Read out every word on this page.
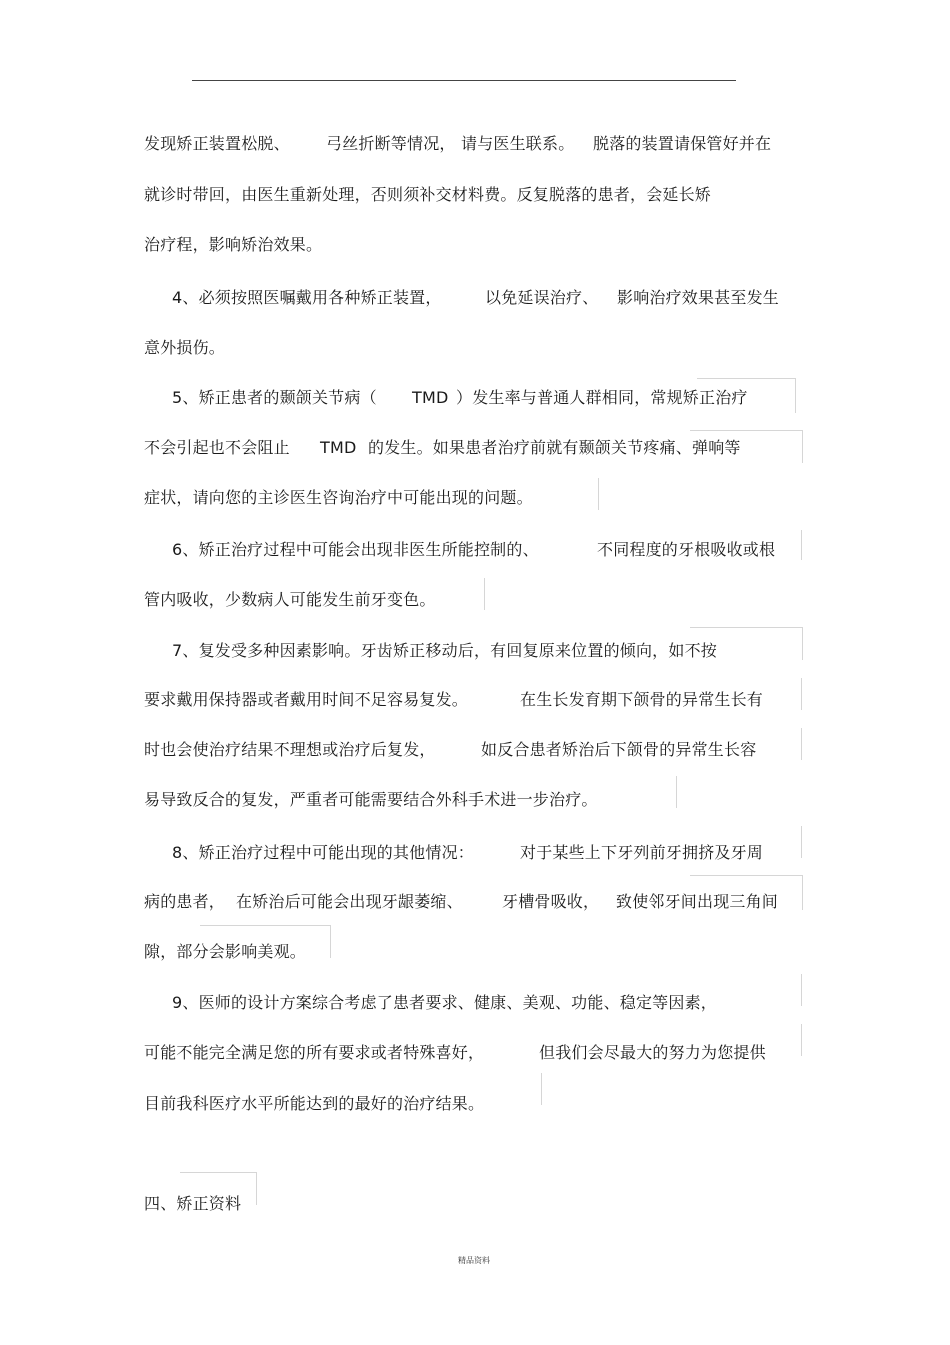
发现矫正装置松脱、

弓丝折断等情况，

请与医生联系。

脱落的装置请保管好并在

就诊时带回，由医生重新处理，否则须补交材料费。反复脱落的患者，会延长矫

治疗程，影响矫治效果。

4、必须按照医嘱戴用各种矫正装置，

	以免延误治疗、

影响治疗效果甚至发生

意外损伤。

5、矫正患者的颞颌关节病（

TMD

）发生率与普通人群相同，常规矫正治疗

不会引起也不会阻止

TMD

的发生。如果患者治疗前就有颞颌关节疼痛、弹响等

症状，请向您的主诊医生咨询治疗中可能出现的问题。

6、矫正治疗过程中可能会出现非医生所能控制的、

	不同程度的牙根吸收或根

管内吸收，少数病人可能发生前牙变色。

7、复发受多种因素影响。牙齿矫正移动后，有回复原来位置的倾向，如不按

要求戴用保持器或者戴用时间不足容易复发。

	在生长发育期下颌骨的异常生长有

时也会使治疗结果不理想或治疗后复发，

	如反合患者矫治后下颌骨的异常生长容

易导致反合的复发，严重者可能需要结合外科手术进一步治疗。

8、矫正治疗过程中可能出现的其他情况：

	对于某些上下牙列前牙拥挤及牙周

病的患者，

在矫治后可能会出现牙龈萎缩、

牙槽骨吸收，

致使邻牙间出现三角间

隙，部分会影响美观。

9、医师的设计方案综合考虑了患者要求、健康、美观、功能、稳定等因素，

可能不能完全满足您的所有要求或者特殊喜好，

	但我们会尽最大的努力为您提供

目前我科医疗水平所能达到的最好的治疗结果。

四、矫正资料

精品资料
